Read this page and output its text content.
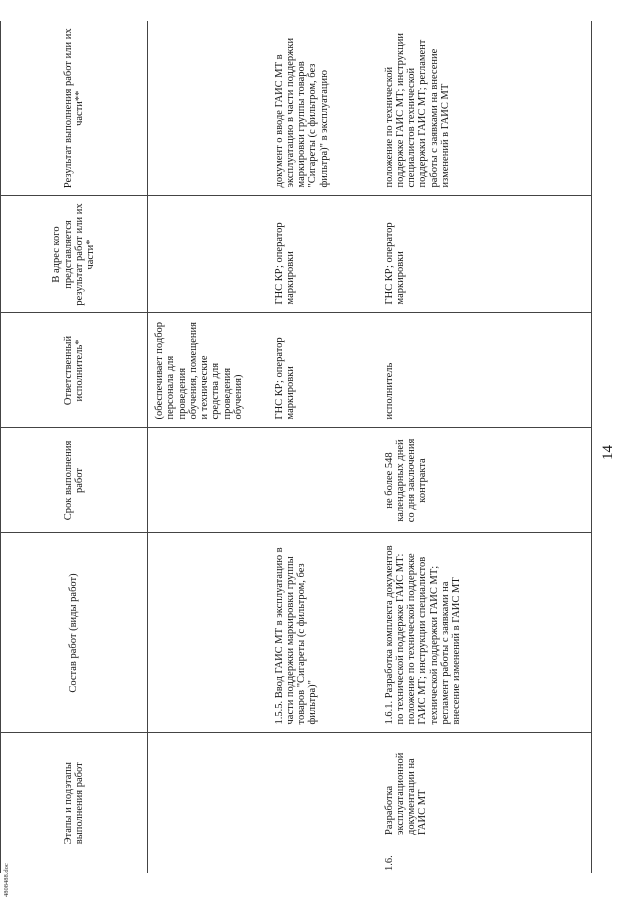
4808488.doc
Этапы и подэтапы выполнения работ		Состав работ (виды работ)	Срок выполнения работ	Ответственный исполнитель*	В адрес кого представляется результат работ или их части*	Результат выполнения работ или их части**
				(обеспечивает подбор персонала для проведения обучения, помещения и технические средства для проведения обучения)		
		1.5.5. Ввод ГАИС МТ в эксплуатацию в части поддержки маркировки группы товаров "Сигареты (с фильтром, без фильтра)"		ГНС КР; оператор маркировки	ГНС КР; оператор маркировки	документ о вводе ГАИС МТ в эксплуатацию в части поддержки маркировки группы товаров "Сигареты (с фильтром, без фильтра)" в эксплуатацию
1.6.	Разработка эксплуатационной документации на ГАИС МТ	1.6.1. Разработка комплекта документов по технической поддержке ГАИС МТ: положение по технической поддержке ГАИС МТ; инструкции специалистов технической поддержки ГАИС МТ; регламент работы с заявками на внесение изменений в ГАИС МТ	не более 548 календарных дней со дня заключения контракта	исполнитель	ГНС КР; оператор маркировки	положение по технической поддержке ГАИС МТ; инструкции специалистов технической поддержки ГАИС МТ; регламент работы с заявками на внесение изменений в ГАИС МТ
14
